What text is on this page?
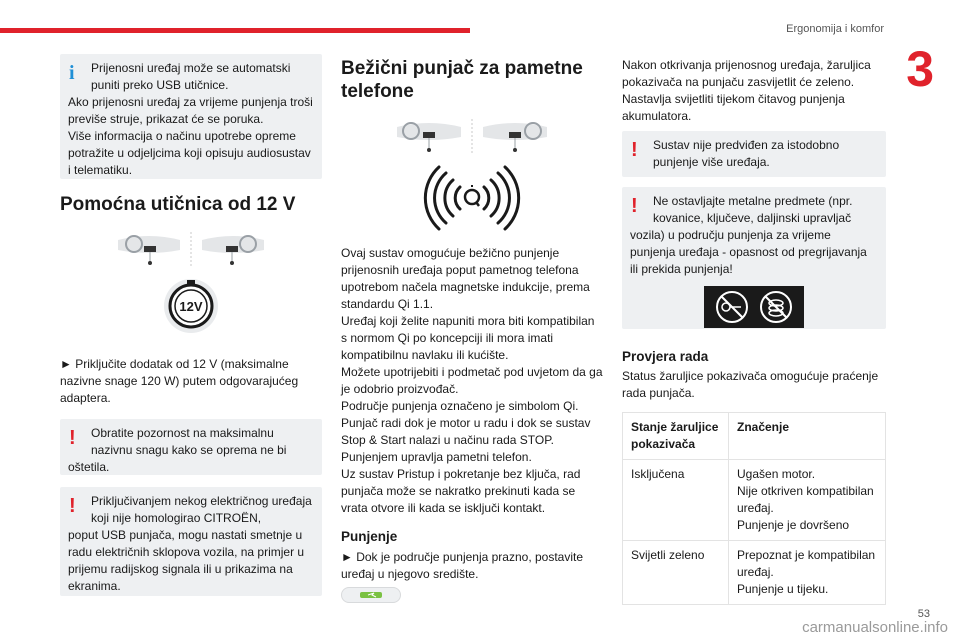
Ergonomija i komfor
3
i	Prijenosni uređaj može se automatski puniti preko USB utičnice.
Ako prijenosni uređaj za vrijeme punjenja troši previše struje, prikazat će se poruka.
Više informacija o načinu upotrebe opreme potražite u odjeljcima koji opisuju audiosustav i telematiku.
Pomoćna utičnica od 12 V
12V

► Priključite dodatak od 12 V (maksimalne nazivne snage 120 W) putem odgovarajućeg adaptera.

!	Obratite pozornost na maksimalnu nazivnu snagu kako se oprema ne bi
oštetila.
!	Priključivanjem nekog električnog uređaja koji nije homologirao CITROËN,
poput USB punjača, mogu nastati smetnje u radu električnih sklopova vozila, na primjer u prijemu radijskog signala ili u prikazima na ekranima.
Bežični punjač za pametne telefone

Ovaj sustav omogućuje bežično punjenje prijenosnih uređaja poput pametnog telefona upotrebom načela magnetske indukcije, prema standardu Qi 1.1.
Uređaj koji želite napuniti mora biti kompatibilan s normom Qi po koncepciji ili mora imati kompatibilnu navlaku ili kućište.
Možete upotrijebiti i podmetač pod uvjetom da ga je odobrio proizvođač.
Područje punjenja označeno je simbolom Qi.
Punjač radi dok je motor u radu i dok se sustav Stop & Start nalazi u načinu rada STOP.
Punjenjem upravlja pametni telefon.
Uz sustav Pristup i pokretanje bez ključa, rad punjača može se nakratko prekinuti kada se vrata otvore ili kada se isključi kontakt.

Punjenje

► Dok je područje punjenja prazno, postavite uređaj u njegovo središte.

Nakon otkrivanja prijenosnog uređaja, žaruljica pokazivača na punjaču zasvijetlit će zeleno. Nastavlja svijetliti tijekom čitavog punjenja akumulatora.

!	Sustav nije predviđen za istodobno
punjenje više uređaja.
!	Ne ostavljajte metalne predmete (npr. kovanice, ključeve, daljinski upravljač
vozila) u području punjenja za vrijeme punjenja uređaja - opasnost od pregrijavanja ili prekida punjenja!
Provjera rada

Status žaruljice pokazivača omogućuje praćenje rada punjača.

Stanje žaruljice pokazivača	Značenje
Isključena	Ugašen motor.
Nije otkriven kompatibilan uređaj.
Punjenje je dovršeno
Svijetli zeleno	Prepoznat je kompatibilan uređaj.
Punjenje u tijeku.
53
carmanualsonline.info
